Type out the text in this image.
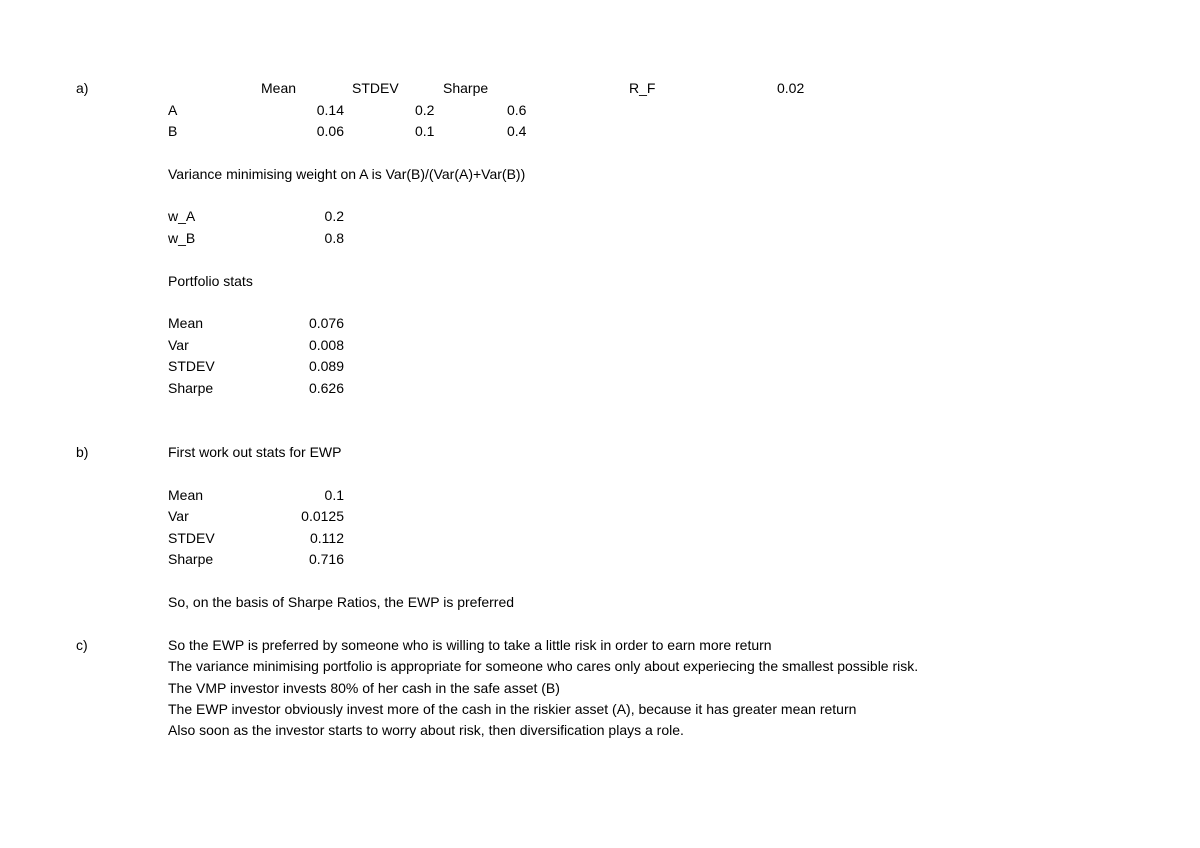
a)	Mean	STDEV	Sharpe	R_F	0.02
A	0.14	0.2	0.6
B	0.06	0.1	0.4
Variance minimising weight on A is Var(B)/(Var(A)+Var(B))
w_A	0.2
w_B	0.8
Portfolio stats
Mean	0.076
Var	0.008
STDEV	0.089
Sharpe	0.626
b)	First work out stats for EWP
Mean	0.1
Var	0.0125
STDEV	0.112
Sharpe	0.716
So, on the basis of Sharpe Ratios, the EWP is preferred
c)	So the EWP is preferred by someone who is willing to take a little risk in order to earn more return
The variance minimising portfolio is appropriate for someone who cares only about experiecing the smallest possible risk.
The VMP investor invests 80% of her cash in the safe asset (B)
The EWP investor obviously invest more of the cash in the riskier asset (A), because it has greater mean return
Also soon as the investor starts to worry about risk, then diversification plays a role.
